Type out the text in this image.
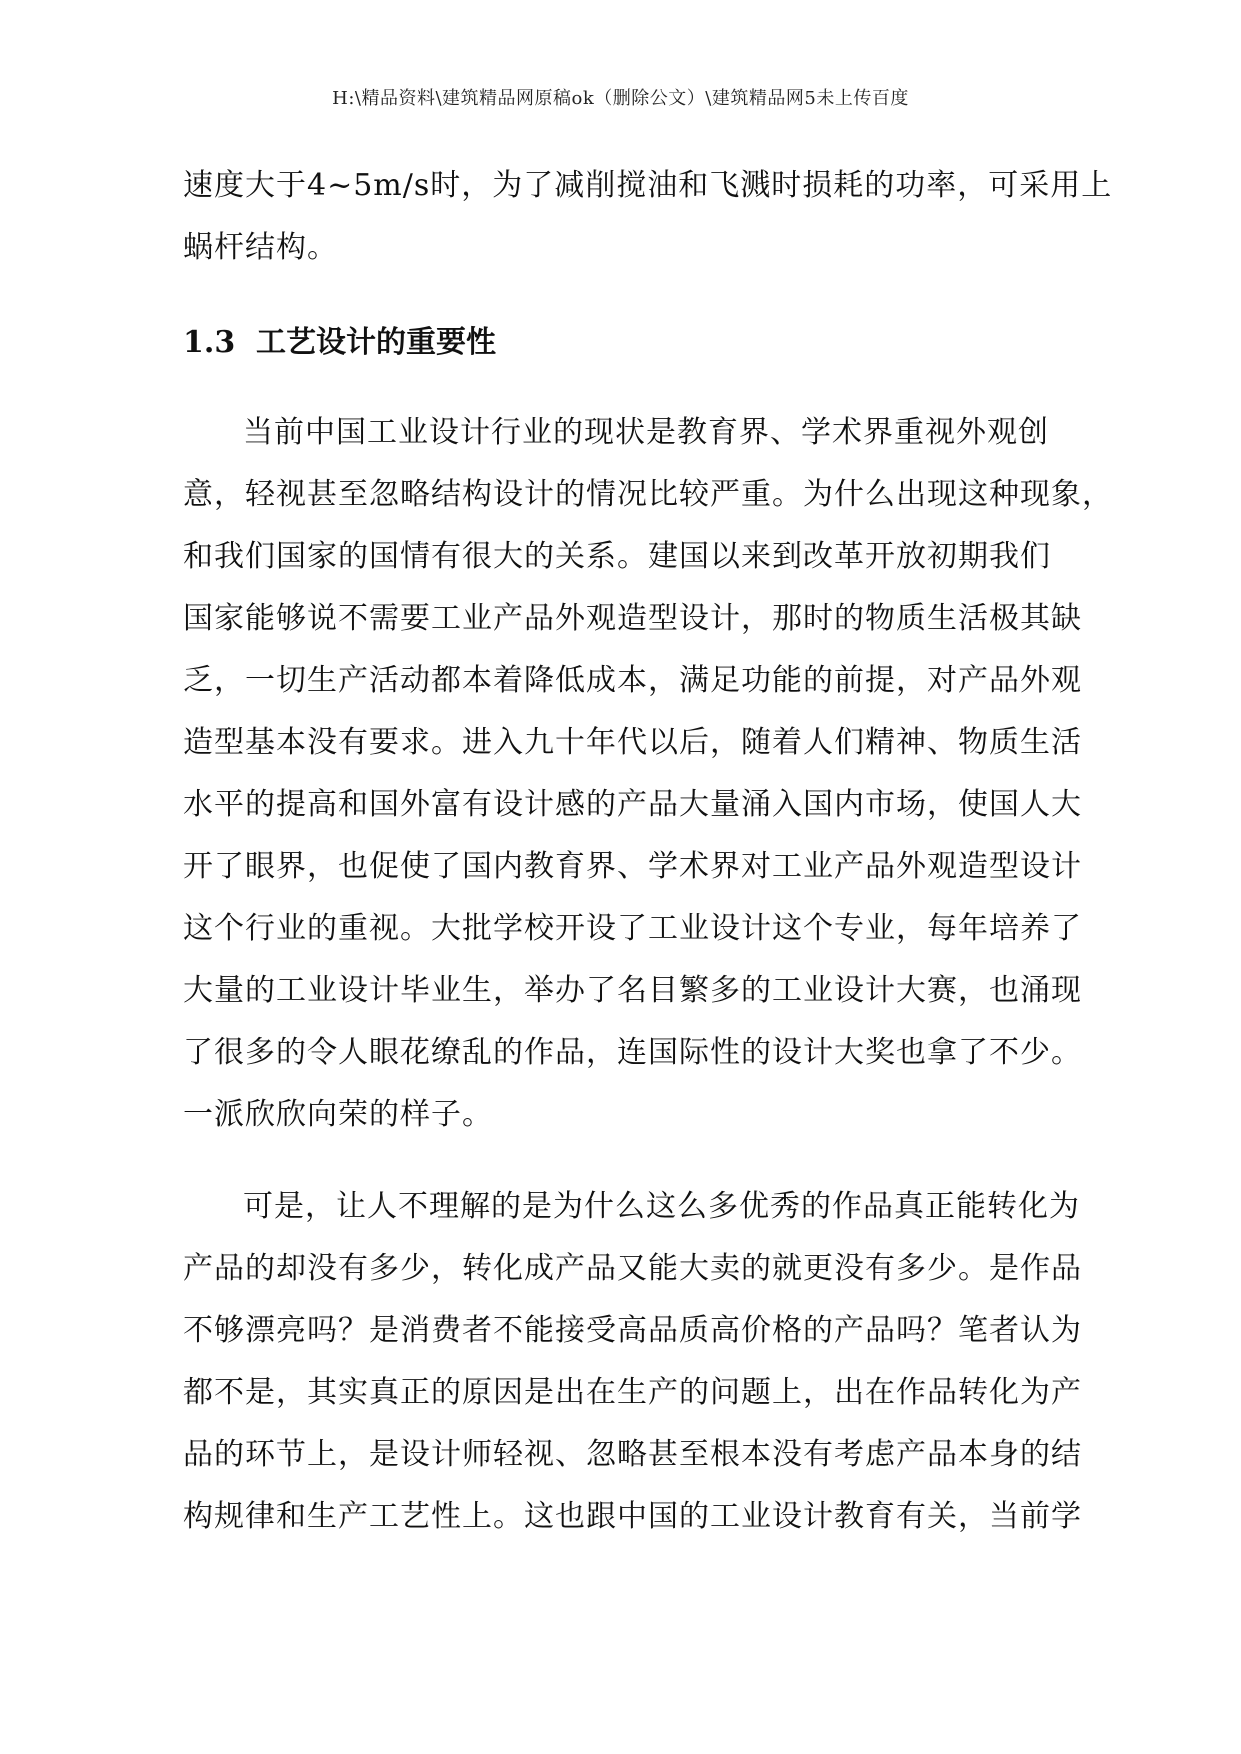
H:\精品资料\建筑精品网原稿ok（删除公文）\建筑精品网5未上传百度
速度大于4~5m/s时，为了减削搅油和飞溅时损耗的功率，可采用上
蜗杆结构。
1.3 工艺设计的重要性
当前中国工业设计行业的现状是教育界、学术界重视外观创
意，轻视甚至忽略结构设计的情况比较严重。为什么出现这种现象，
和我们国家的国情有很大的关系。建国以来到改革开放初期我们
国家能够说不需要工业产品外观造型设计，那时的物质生活极其缺
乏，一切生产活动都本着降低成本，满足功能的前提，对产品外观
造型基本没有要求。进入九十年代以后，随着人们精神、物质生活
水平的提高和国外富有设计感的产品大量涌入国内市场，使国人大
开了眼界，也促使了国内教育界、学术界对工业产品外观造型设计
这个行业的重视。大批学校开设了工业设计这个专业，每年培养了
大量的工业设计毕业生，举办了名目繁多的工业设计大赛，也涌现
了很多的令人眼花缭乱的作品，连国际性的设计大奖也拿了不少。
一派欣欣向荣的样子。
可是，让人不理解的是为什么这么多优秀的作品真正能转化为
产品的却没有多少，转化成产品又能大卖的就更没有多少。是作品
不够漂亮吗？是消费者不能接受高品质高价格的产品吗？笔者认为
都不是，其实真正的原因是出在生产的问题上，出在作品转化为产
品的环节上，是设计师轻视、忽略甚至根本没有考虑产品本身的结
构规律和生产工艺性上。这也跟中国的工业设计教育有关，当前学
